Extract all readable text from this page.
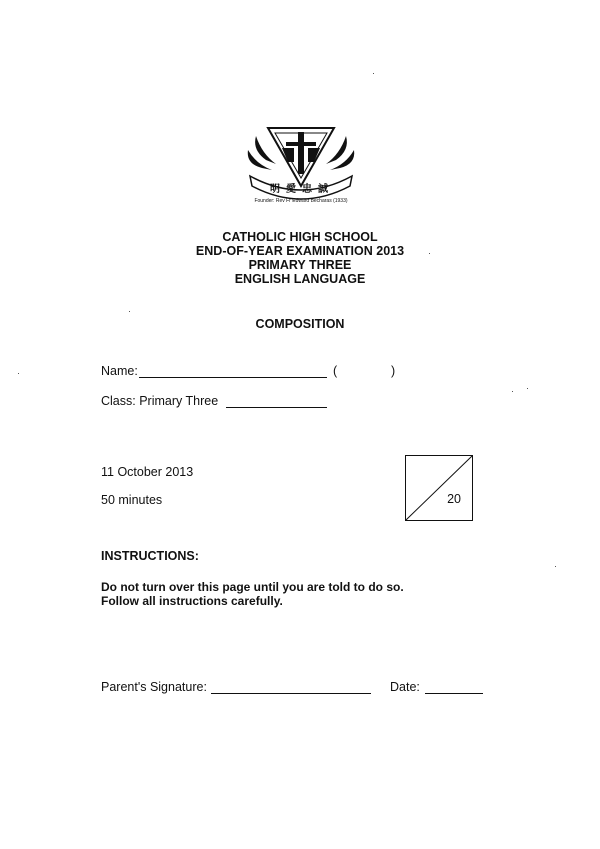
明愛忠誠
Founder: Rev Fr Edward Becharas (1933)
CATHOLIC HIGH SCHOOL
END-OF-YEAR EXAMINATION 2013
PRIMARY THREE
ENGLISH LANGUAGE
COMPOSITION
Name:	(	)
Class: Primary Three
11 October 2013
50 minutes	20
INSTRUCTIONS:
Do not turn over this page until you are told to do so.
Follow all instructions carefully.
Parent's Signature:	Date:
